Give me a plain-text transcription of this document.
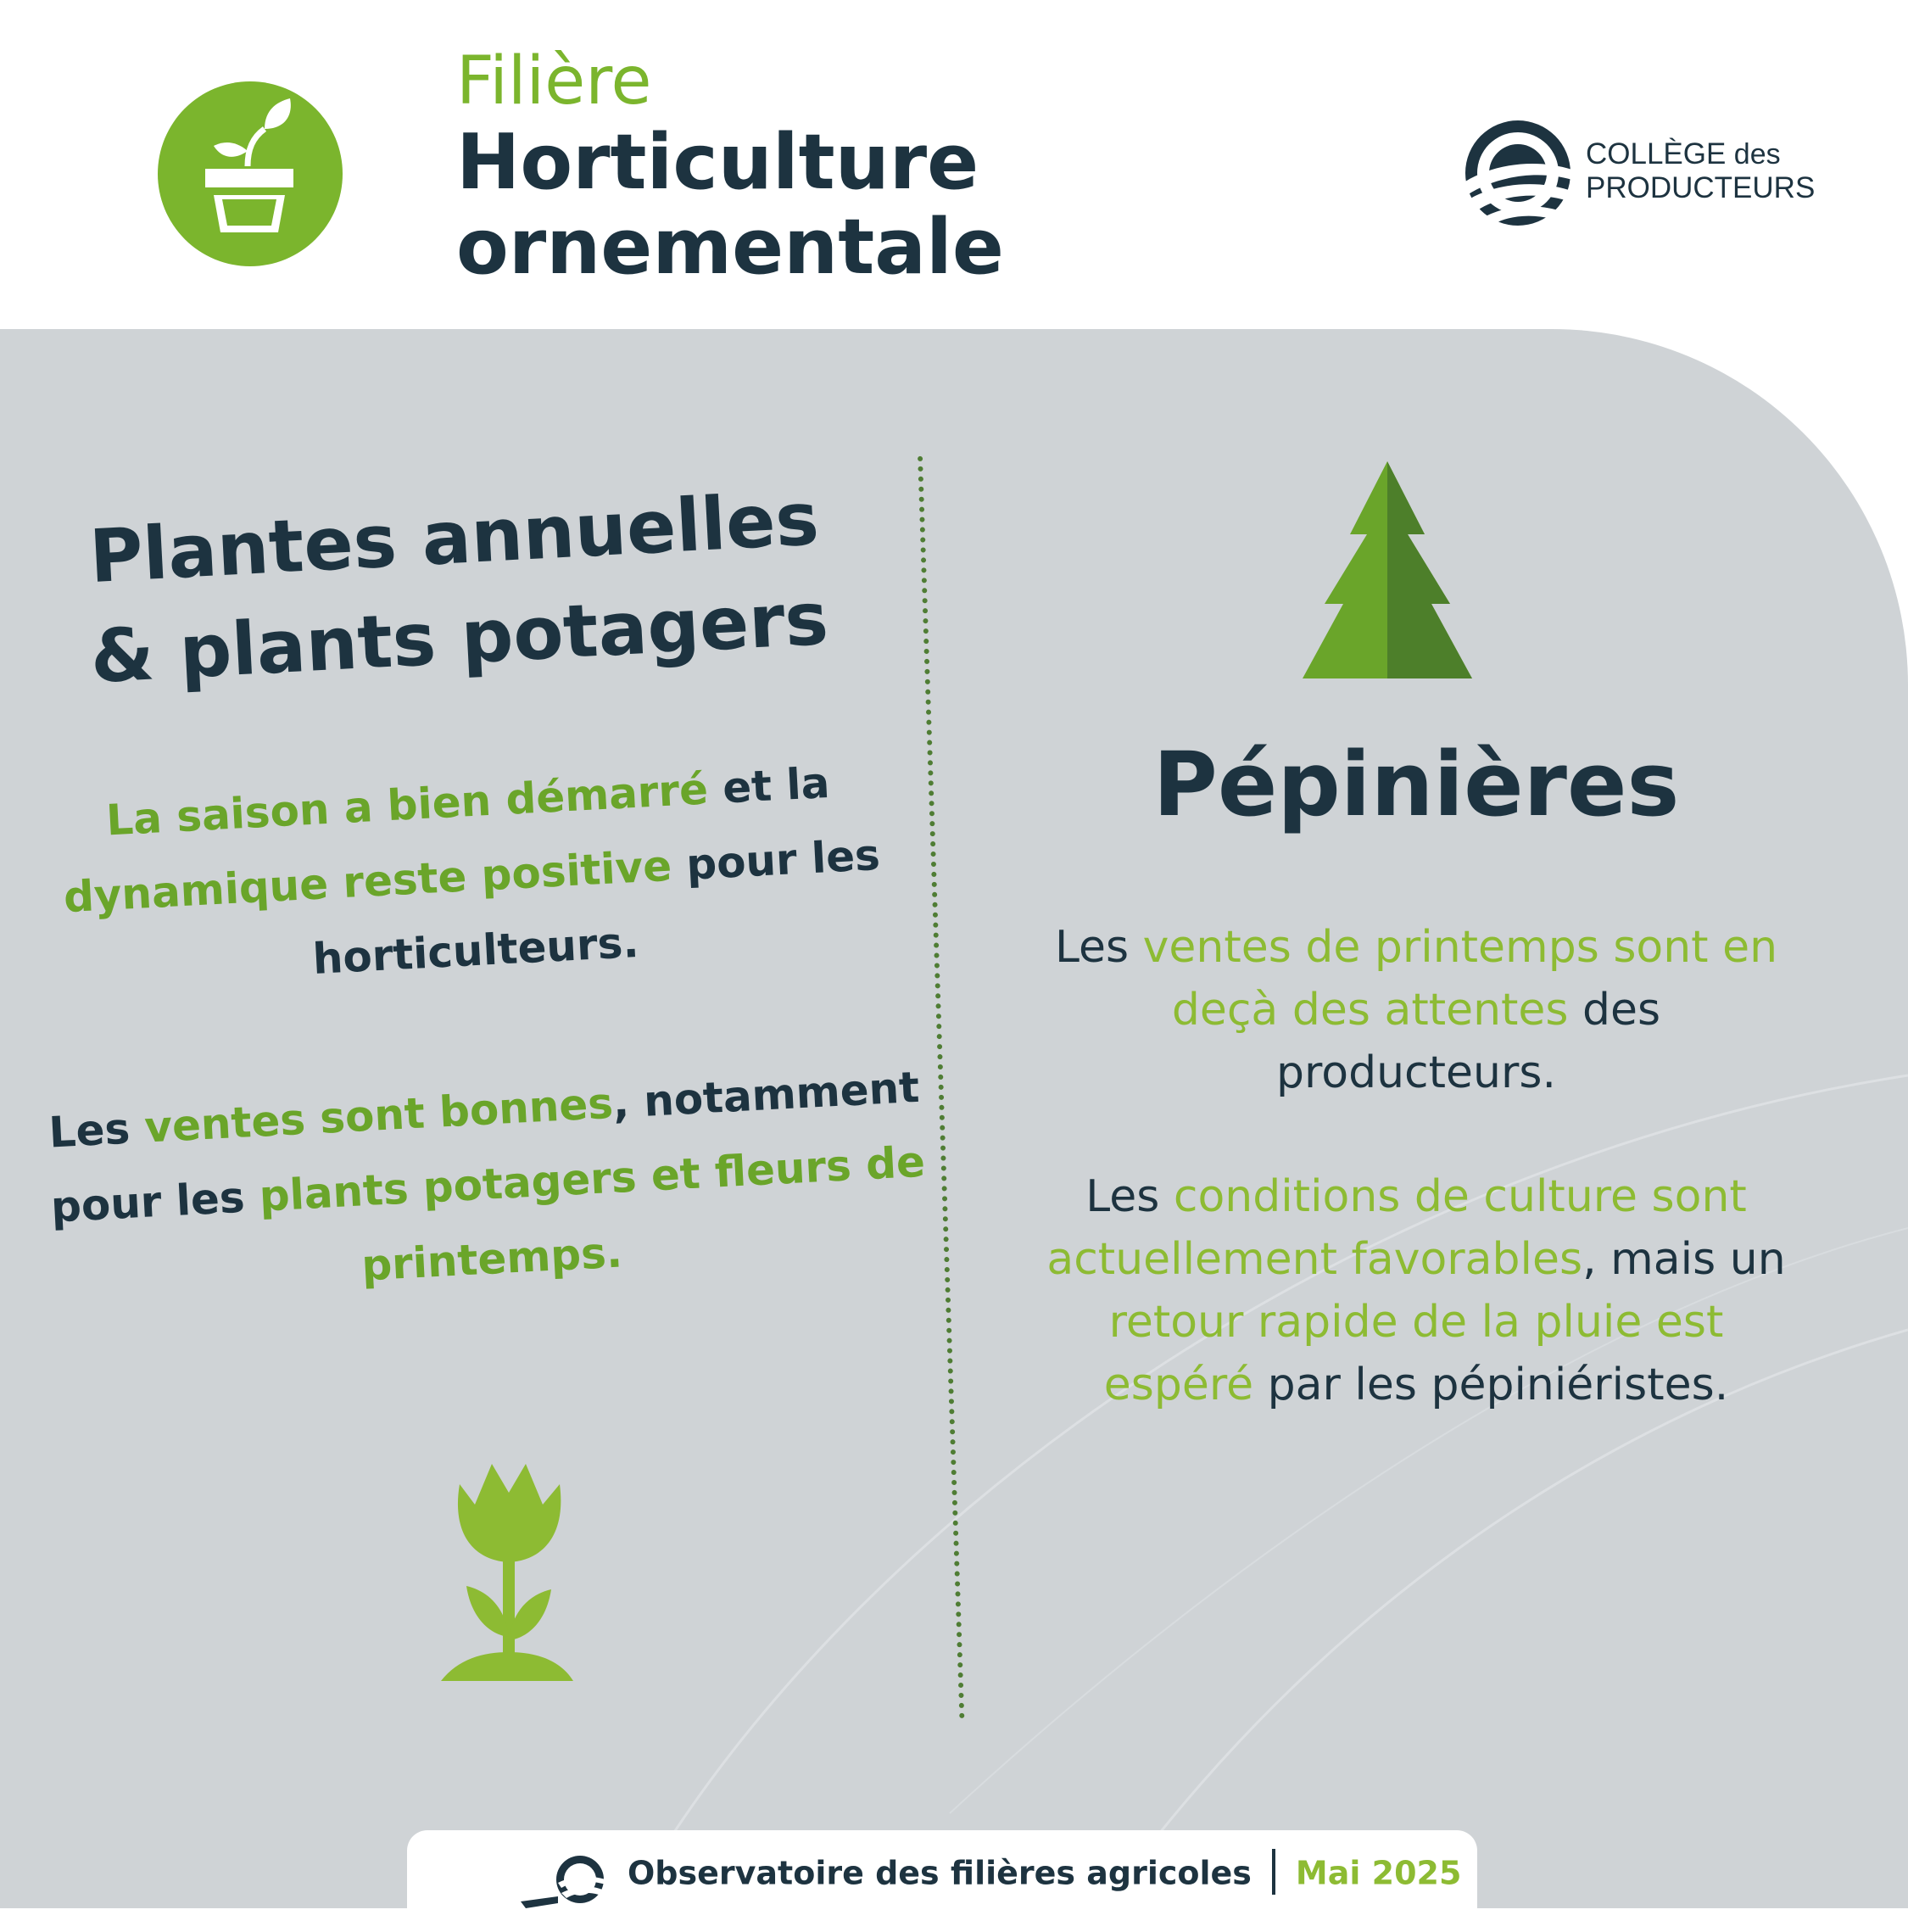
Filière
Horticulture
ornementale
COLLÈGE des
PRODUCTEURS
Plantes annuelles
& plants potagers
La saison a bien démarré et la dynamique reste positive pour les horticulteurs.
Les ventes sont bonnes, notamment pour les plants potagers et fleurs de printemps.
Pépinières
Les ventes de printemps sont en deçà des attentes des producteurs.
Les conditions de culture sont actuellement favorables, mais un retour rapide de la pluie est espéré par les pépiniéristes.
Observatoire des filières agricoles Mai 2025
